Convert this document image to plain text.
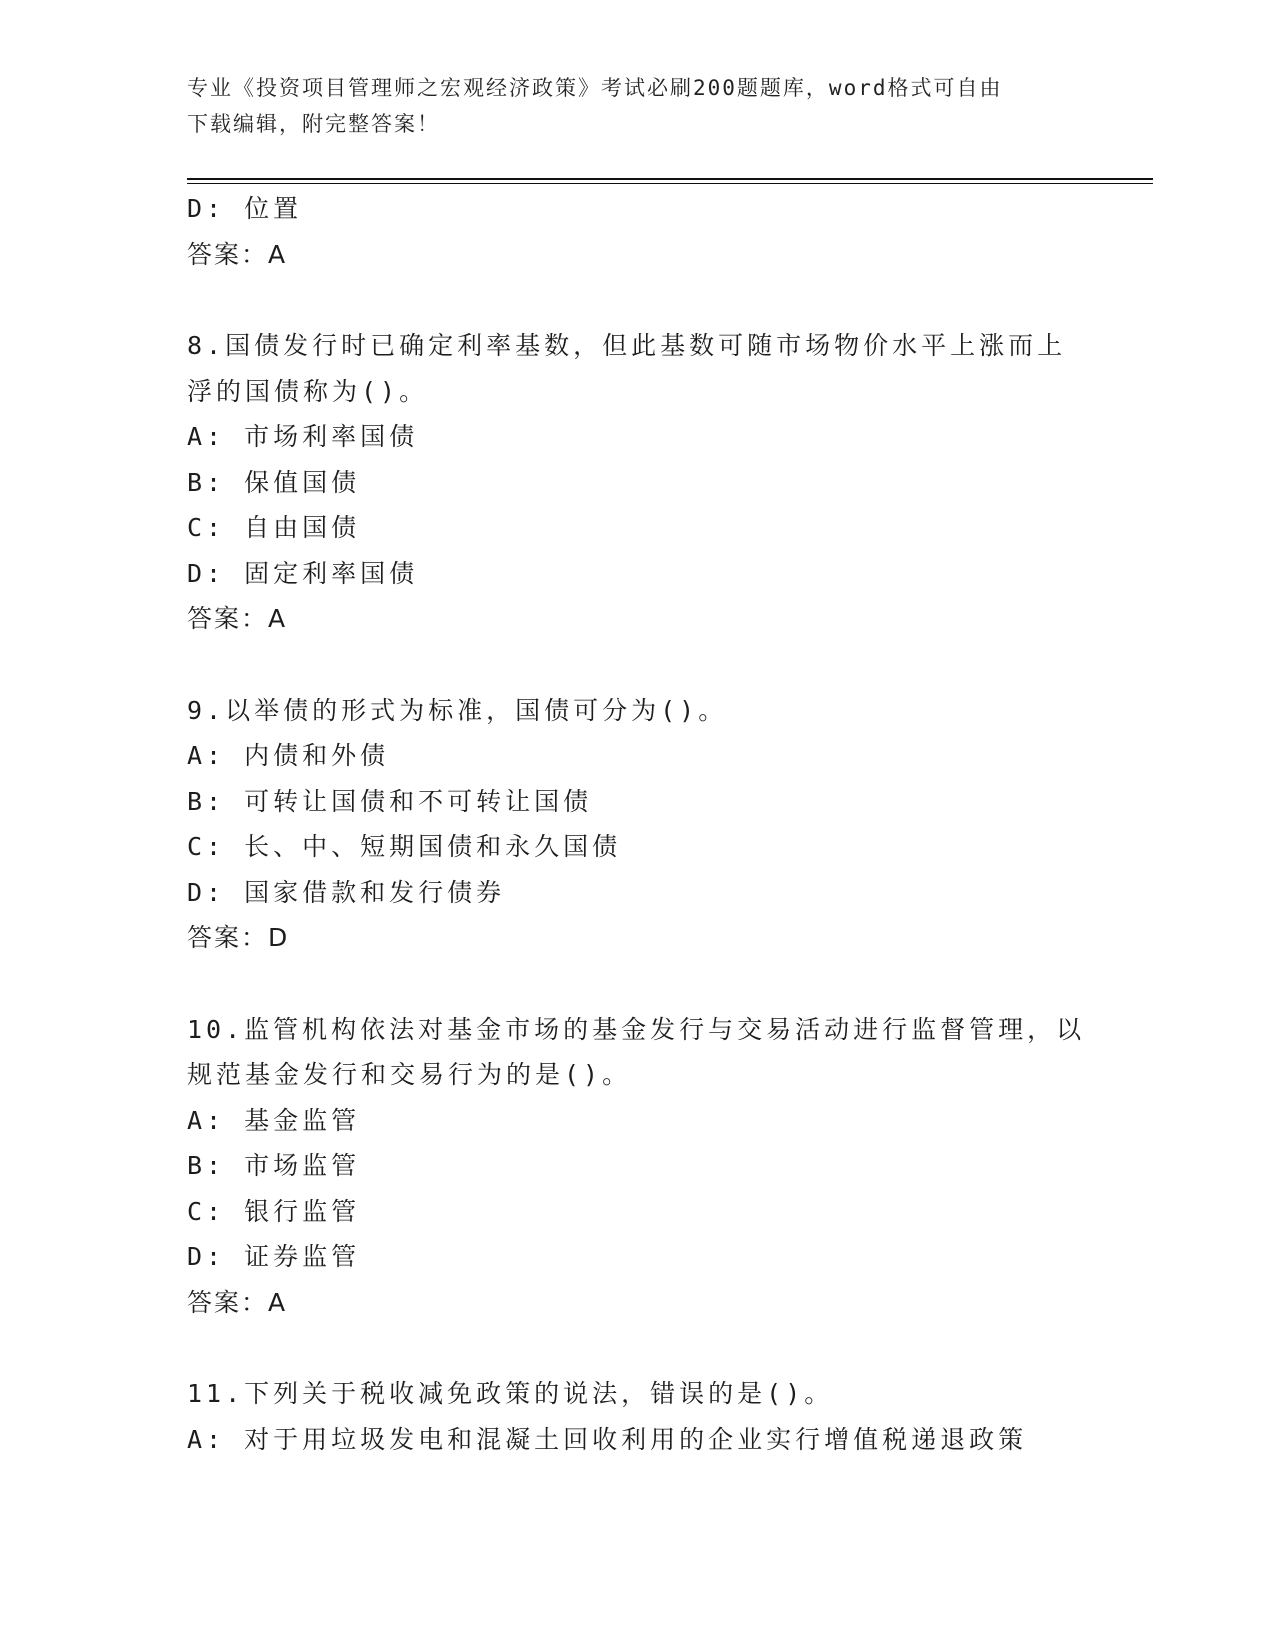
专业《投资项目管理师之宏观经济政策》考试必刷200题题库，word格式可自由
下载编辑，附完整答案！
D: 位置
答案：A
8.国债发行时已确定利率基数，但此基数可随市场物价水平上涨而上
浮的国债称为()。
A: 市场利率国债
B: 保值国债
C: 自由国债
D: 固定利率国债
答案：A
9.以举债的形式为标准，国债可分为()。
A: 内债和外债
B: 可转让国债和不可转让国债
C: 长、中、短期国债和永久国债
D: 国家借款和发行债券
答案：D
10.监管机构依法对基金市场的基金发行与交易活动进行监督管理，以
规范基金发行和交易行为的是()。
A: 基金监管
B: 市场监管
C: 银行监管
D: 证券监管
答案：A
11.下列关于税收减免政策的说法，错误的是()。
A: 对于用垃圾发电和混凝土回收利用的企业实行增值税递退政策
